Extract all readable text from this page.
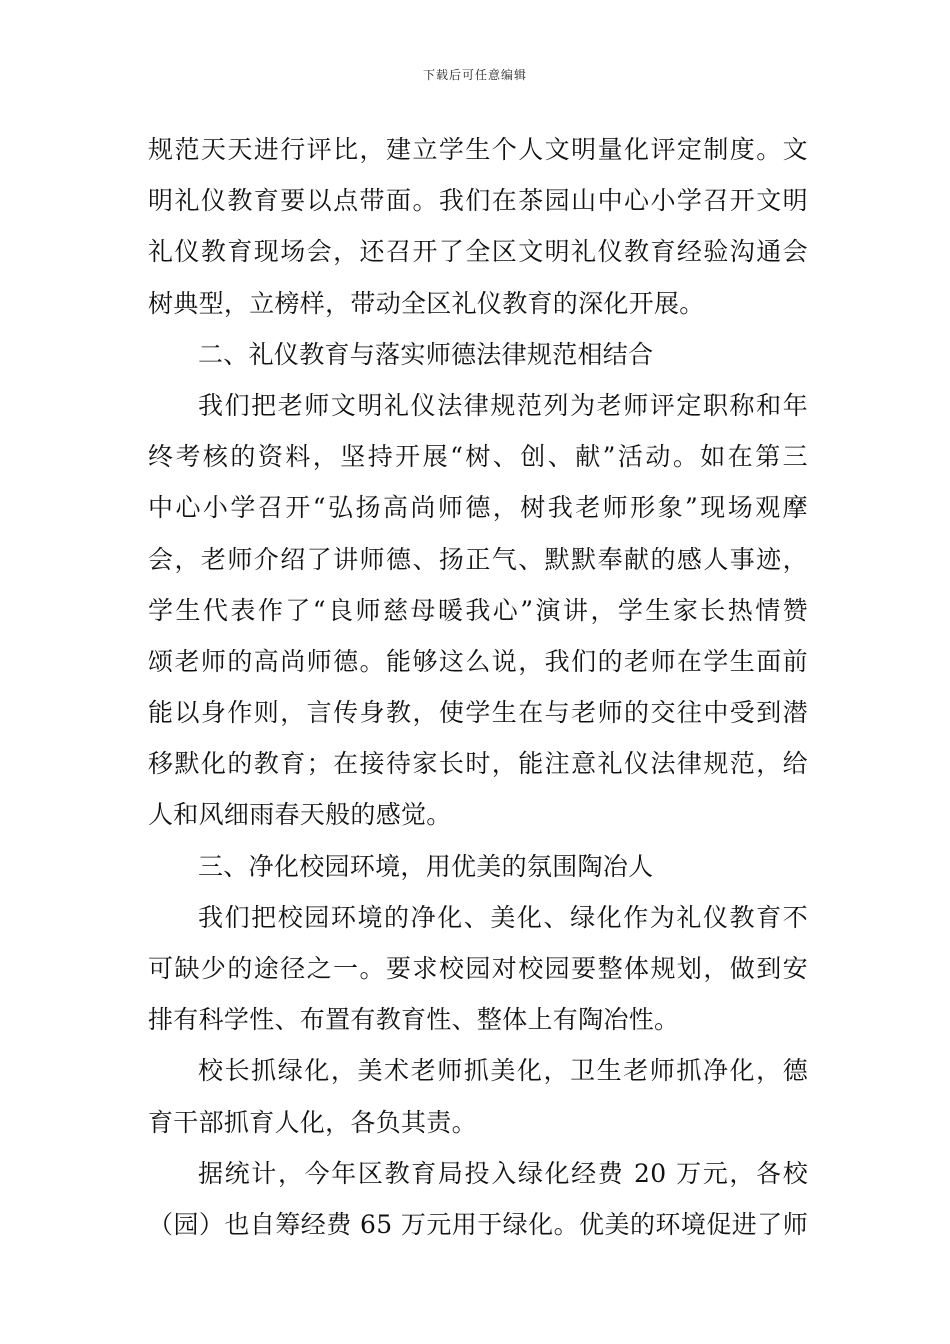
下载后可任意编辑
规范天天进行评比，建立学生个人文明量化评定制度。文
明礼仪教育要以点带面。我们在茶园山中心小学召开文明
礼仪教育现场会，还召开了全区文明礼仪教育经验沟通会
树典型，立榜样，带动全区礼仪教育的深化开展。
二、礼仪教育与落实师德法律规范相结合
我们把老师文明礼仪法律规范列为老师评定职称和年
终考核的资料，坚持开展“树、创、献”活动。如在第三
中心小学召开“弘扬高尚师德，树我老师形象”现场观摩
会，老师介绍了讲师德、扬正气、默默奉献的感人事迹，
学生代表作了“良师慈母暖我心”演讲，学生家长热情赞
颂老师的高尚师德。能够这么说，我们的老师在学生面前
能以身作则，言传身教，使学生在与老师的交往中受到潜
移默化的教育；在接待家长时，能注意礼仪法律规范，给
人和风细雨春天般的感觉。
三、净化校园环境，用优美的氛围陶冶人
我们把校园环境的净化、美化、绿化作为礼仪教育不
可缺少的途径之一。要求校园对校园要整体规划，做到安
排有科学性、布置有教育性、整体上有陶冶性。
校长抓绿化，美术老师抓美化，卫生老师抓净化，德
育干部抓育人化，各负其责。
据统计，今年区教育局投入绿化经费 20 万元，各校
（园）也自筹经费 65 万元用于绿化。优美的环境促进了师
